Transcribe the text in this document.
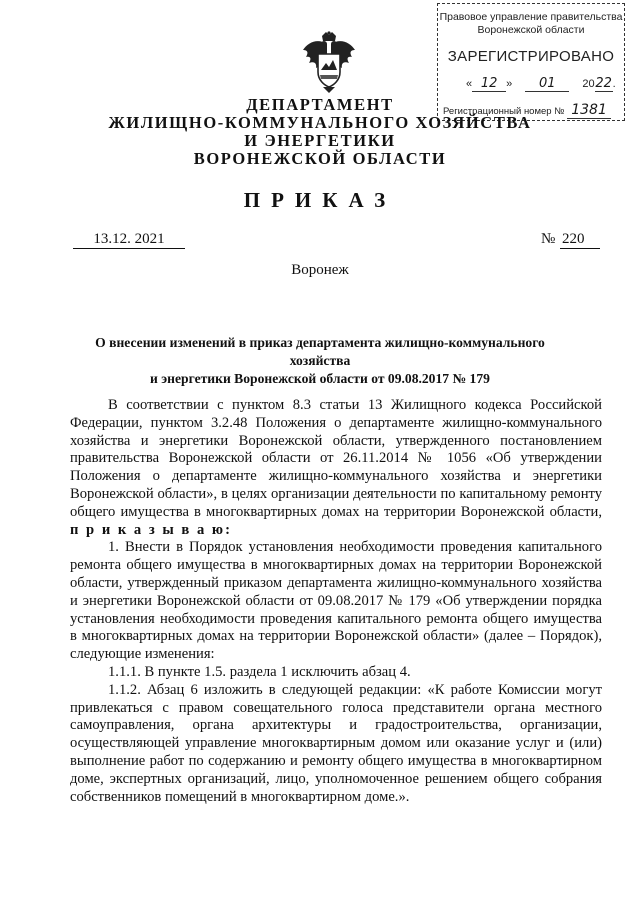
Правовое управление правительства
Воронежской области
ЗАРЕГИСТРИРОВАНО
« 12 » 01 2022.
Регистрационный номер № 1381
ДЕПАРТАМЕНТ
ЖИЛИЩНО-КОММУНАЛЬНОГО ХОЗЯЙСТВА
И ЭНЕРГЕТИКИ
ВОРОНЕЖСКОЙ ОБЛАСТИ
ПРИКАЗ
13.12. 2021	№ 220
Воронеж
О внесении изменений в приказ департамента жилищно-коммунального хозяйства
и энергетики Воронежской области от 09.08.2017 № 179

В соответствии с пунктом 8.3 статьи 13 Жилищного кодекса Российской Федерации, пунктом 3.2.48 Положения о департаменте жилищно-коммунального хозяйства и энергетики Воронежской области, утвержденного постановлением правительства Воронежской области от 26.11.2014 № 1056 «Об утверждении Положения о департаменте жилищно-коммунального хозяйства и энергетики Воронежской области», в целях организации деятельности по капитальному ремонту общего имущества в многоквартирных домах на территории Воронежской области, п р и к а з ы в а ю:

1. Внести в Порядок установления необходимости проведения капитального ремонта общего имущества в многоквартирных домах на территории Воронежской области, утвержденный приказом департамента жилищно-коммунального хозяйства и энергетики Воронежской области от 09.08.2017 № 179 «Об утверждении порядка установления необходимости проведения капитального ремонта общего имущества в многоквартирных домах на территории Воронежской области» (далее – Порядок), следующие изменения:

1.1.1. В пункте 1.5. раздела 1 исключить абзац 4.

1.1.2. Абзац 6 изложить в следующей редакции: «К работе Комиссии могут привлекаться с правом совещательного голоса представители органа местного самоуправления, органа архитектуры и градостроительства, организации, осуществляющей управление многоквартирным домом или оказание услуг и (или) выполнение работ по содержанию и ремонту общего имущества в многоквартирном доме, экспертных организаций, лицо, уполномоченное решением общего собрания собственников помещений в многоквартирном доме.».
